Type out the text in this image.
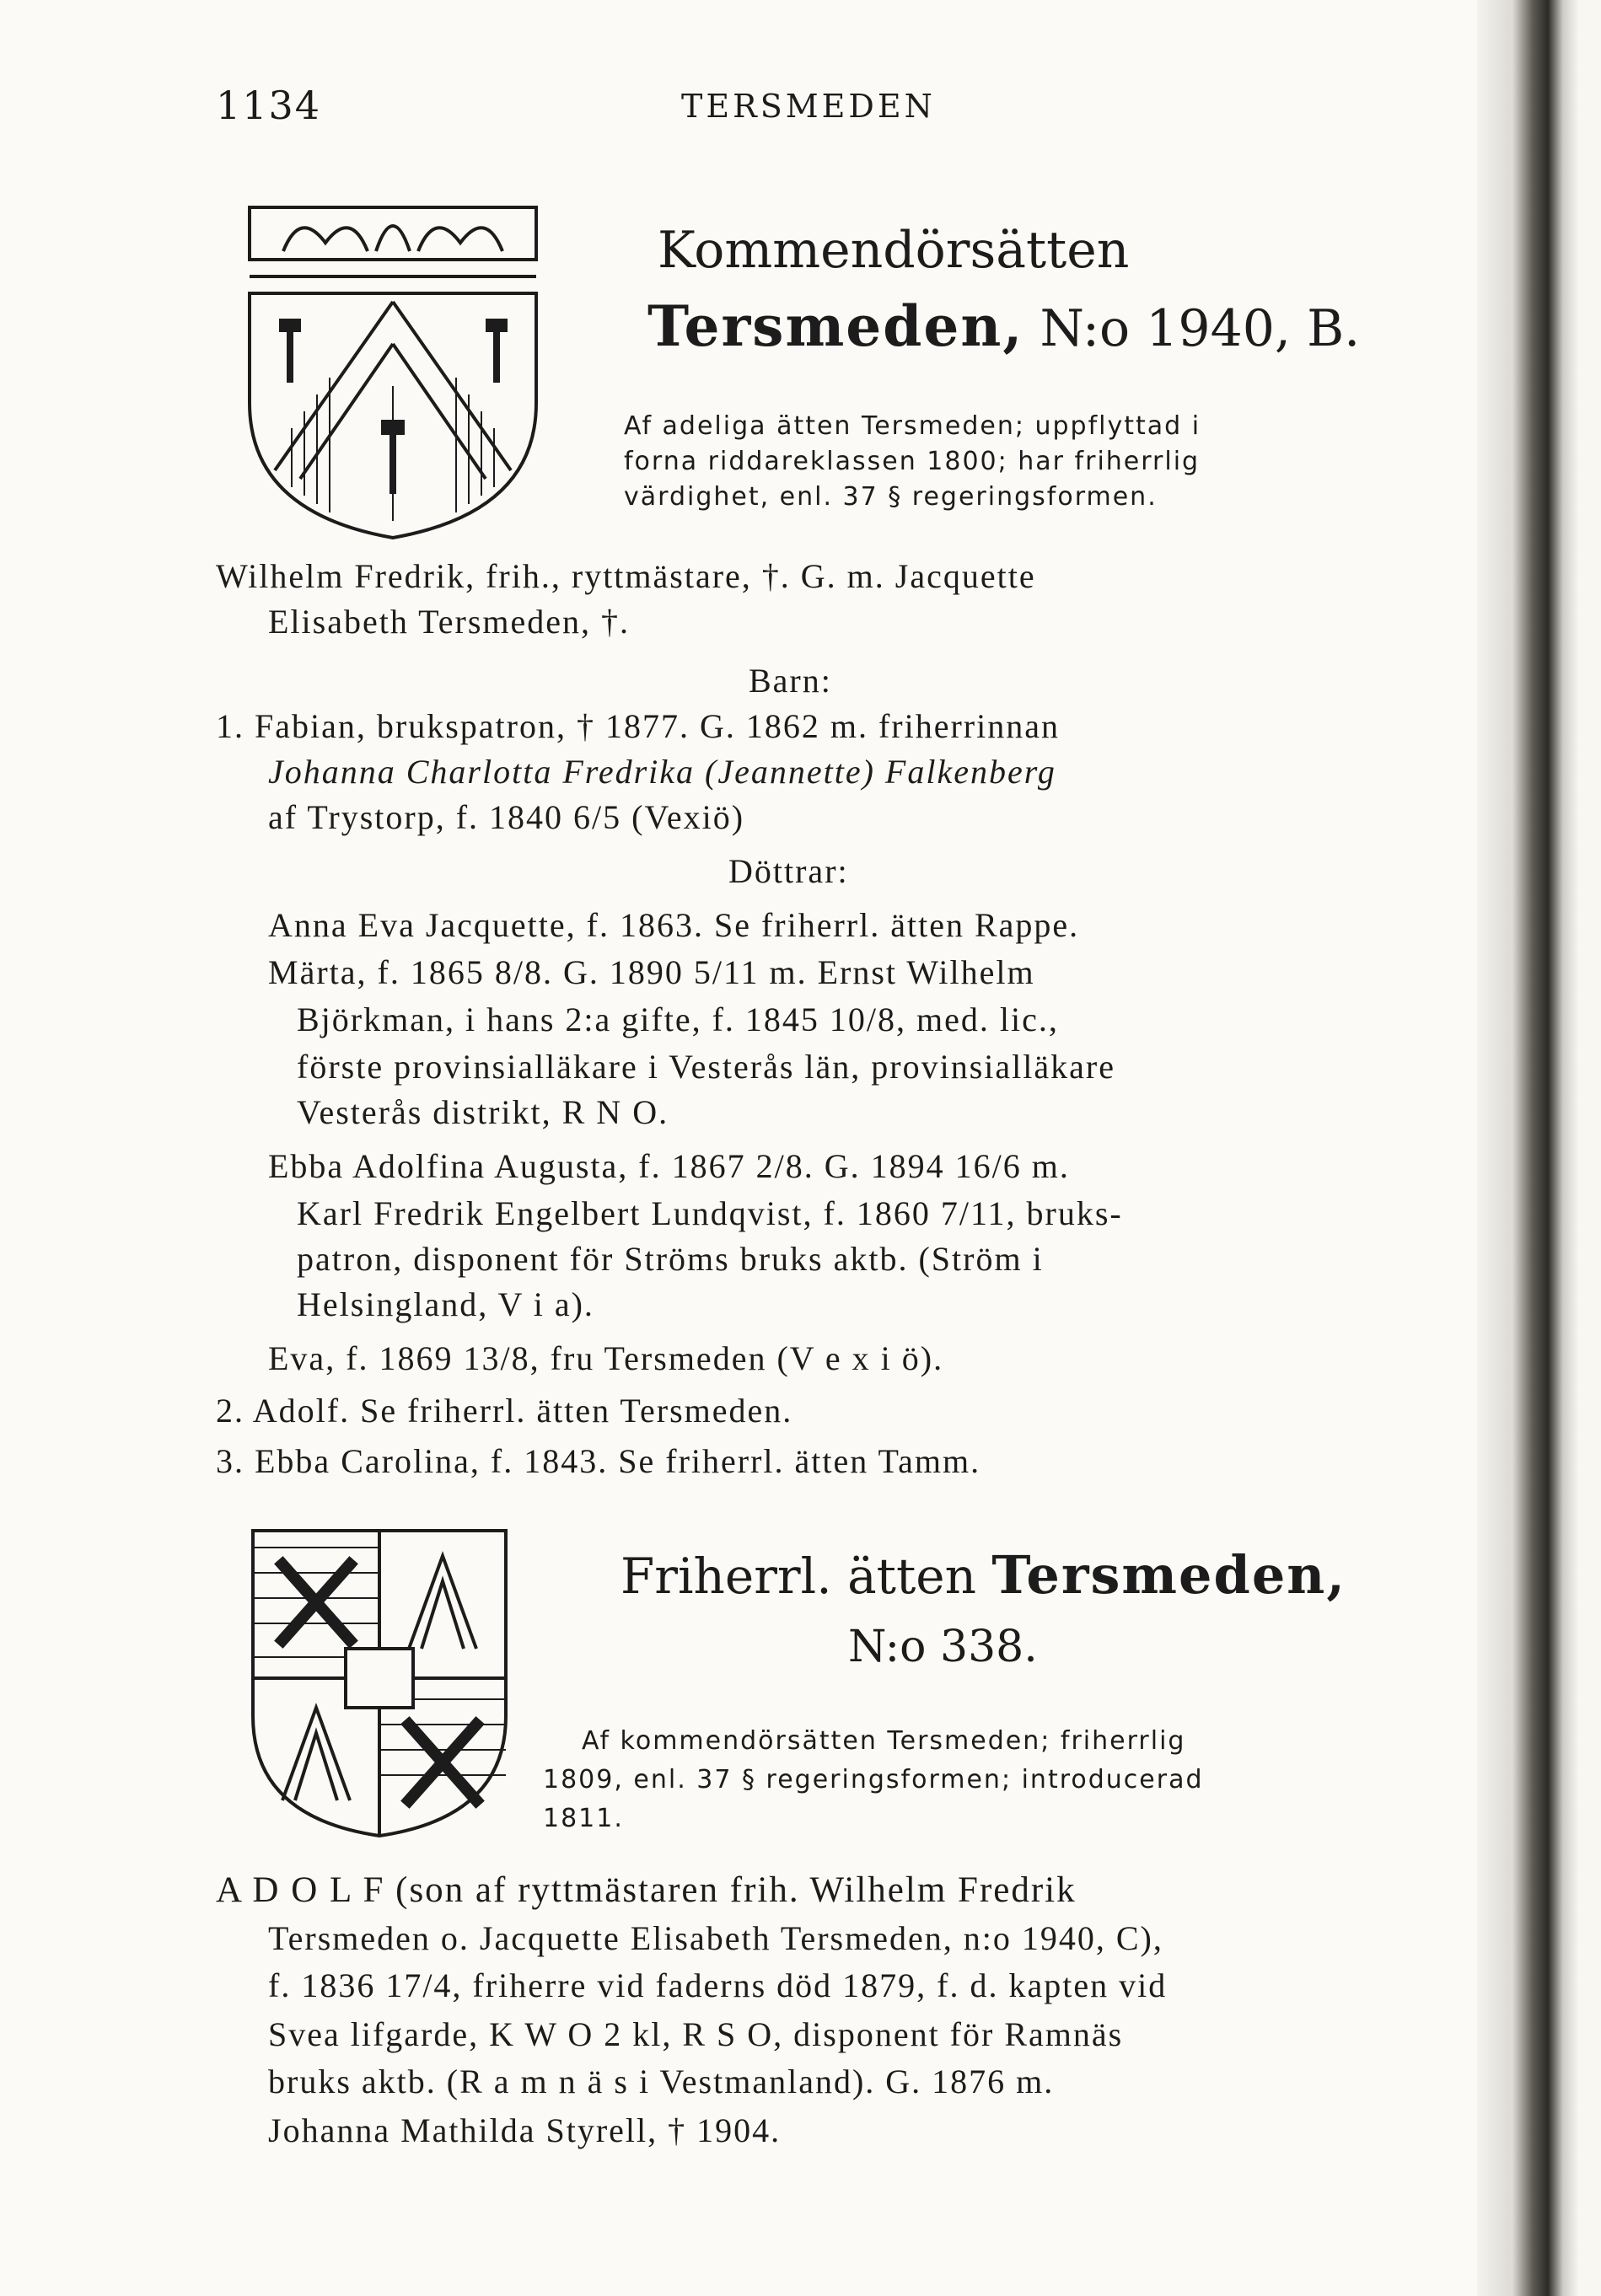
1134	TERSMEDEN
Kommendörsätten
Tersmeden, N:o 1940, B.
Af adeliga ätten Tersmeden; uppflyttad i
forna riddareklassen 1800; har friherrlig
värdighet, enl. 37 § regeringsformen.
Wilhelm Fredrik, frih., ryttmästare, †. G. m. Jacquette
Elisabeth Tersmeden, †.
Barn:
1. Fabian, brukspatron, † 1877. G. 1862 m. friherrinnan
Johanna Charlotta Fredrika (Jeannette) Falkenberg
af Trystorp, f. 1840 6/5 (Vexiö)
Döttrar:
Anna Eva Jacquette, f. 1863. Se friherrl. ätten Rappe.
Märta, f. 1865 8/8. G. 1890 5/11 m. Ernst Wilhelm
Björkman, i hans 2:a gifte, f. 1845 10/8, med. lic.,
förste provinsialläkare i Vesterås län, provinsialläkare
Vesterås distrikt, R N O.
Ebba Adolfina Augusta, f. 1867 2/8. G. 1894 16/6 m.
Karl Fredrik Engelbert Lundqvist, f. 1860 7/11, bruks-
patron, disponent för Ströms bruks aktb. (Ström i
Helsingland, V i a).
Eva, f. 1869 13/8, fru Tersmeden (V e x i ö).
2. Adolf. Se friherrl. ätten Tersmeden.
3. Ebba Carolina, f. 1843. Se friherrl. ätten Tamm.
Friherrl. ätten Tersmeden,
N:o 338.
Af kommendörsätten Tersmeden; friherrlig
1809, enl. 37 § regeringsformen; introducerad
1811.
A D O L F (son af ryttmästaren frih. Wilhelm Fredrik
Tersmeden o. Jacquette Elisabeth Tersmeden, n:o 1940, C),
f. 1836 17/4, friherre vid faderns död 1879, f. d. kapten vid
Svea lifgarde, K W O 2 kl, R S O, disponent för Ramnäs
bruks aktb. (R a m n ä s i Vestmanland). G. 1876 m.
Johanna Mathilda Styrell, † 1904.
